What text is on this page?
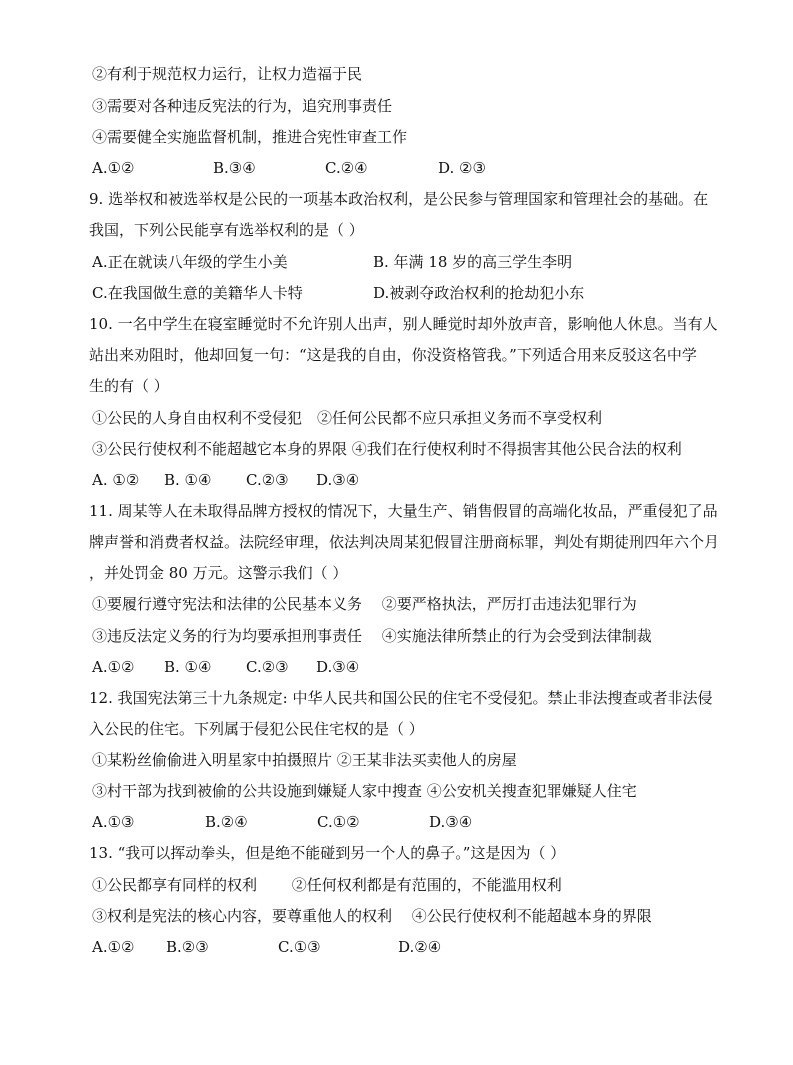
②有利于规范权力运行，让权力造福于民
③需要对各种违反宪法的行为，追究刑事责任
④需要健全实施监督机制，推进合宪性审查工作
A.①②	B.③④	C.②④	D. ②③
9. 选举权和被选举权是公民的一项基本政治权利，是公民参与管理国家和管理社会的基础。在
我国，下列公民能享有选举权利的是（ ）
A.正在就读八年级的学生小美	B. 年满 18 岁的高三学生李明
C.在我国做生意的美籍华人卡特	D.被剥夺政治权利的抢劫犯小东
10. 一名中学生在寝室睡觉时不允许别人出声，别人睡觉时却外放声音，影响他人休息。当有人
站出来劝阻时，他却回复一句：“这是我的自由，你没资格管我。”下列适合用来反驳这名中学
生的有（ ）
①公民的人身自由权利不受侵犯　②任何公民都不应只承担义务而不享受权利
③公民行使权利不能超越它本身的界限 ④我们在行使权利时不得损害其他公民合法的权利
A. ①② B. ①④ C.②③ D.③④
11. 周某等人在未取得品牌方授权的情况下，大量生产、销售假冒的高端化妆品，严重侵犯了品
牌声誉和消费者权益。法院经审理，依法判决周某犯假冒注册商标罪，判处有期徒刑四年六个月
，并处罚金 80 万元。这警示我们（ ）
①要履行遵守宪法和法律的公民基本义务　 ②要严格执法，严厉打击违法犯罪行为
③违反法定义务的行为均要承担刑事责任　 ④实施法律所禁止的行为会受到法律制裁
A.①② B. ①④ C.②③ D.③④
12. 我国宪法第三十九条规定: 中华人民共和国公民的住宅不受侵犯。禁止非法搜查或者非法侵
入公民的住宅。下列属于侵犯公民住宅权的是（ ）
①某粉丝偷偷进入明星家中拍摄照片 ②王某非法买卖他人的房屋
③村干部为找到被偷的公共设施到嫌疑人家中搜查 ④公安机关搜查犯罪嫌疑人住宅
A.①③	B.②④	C.①②	D.③④
13. “我可以挥动拳头，但是绝不能碰到另一个人的鼻子。”这是因为（ ）
①公民都享有同样的权利　　 ②任何权利都是有范围的，不能滥用权利
③权利是宪法的核心内容，要尊重他人的权利　 ④公民行使权利不能超越本身的界限
A.①② B.②③	C.①③	D.②④
